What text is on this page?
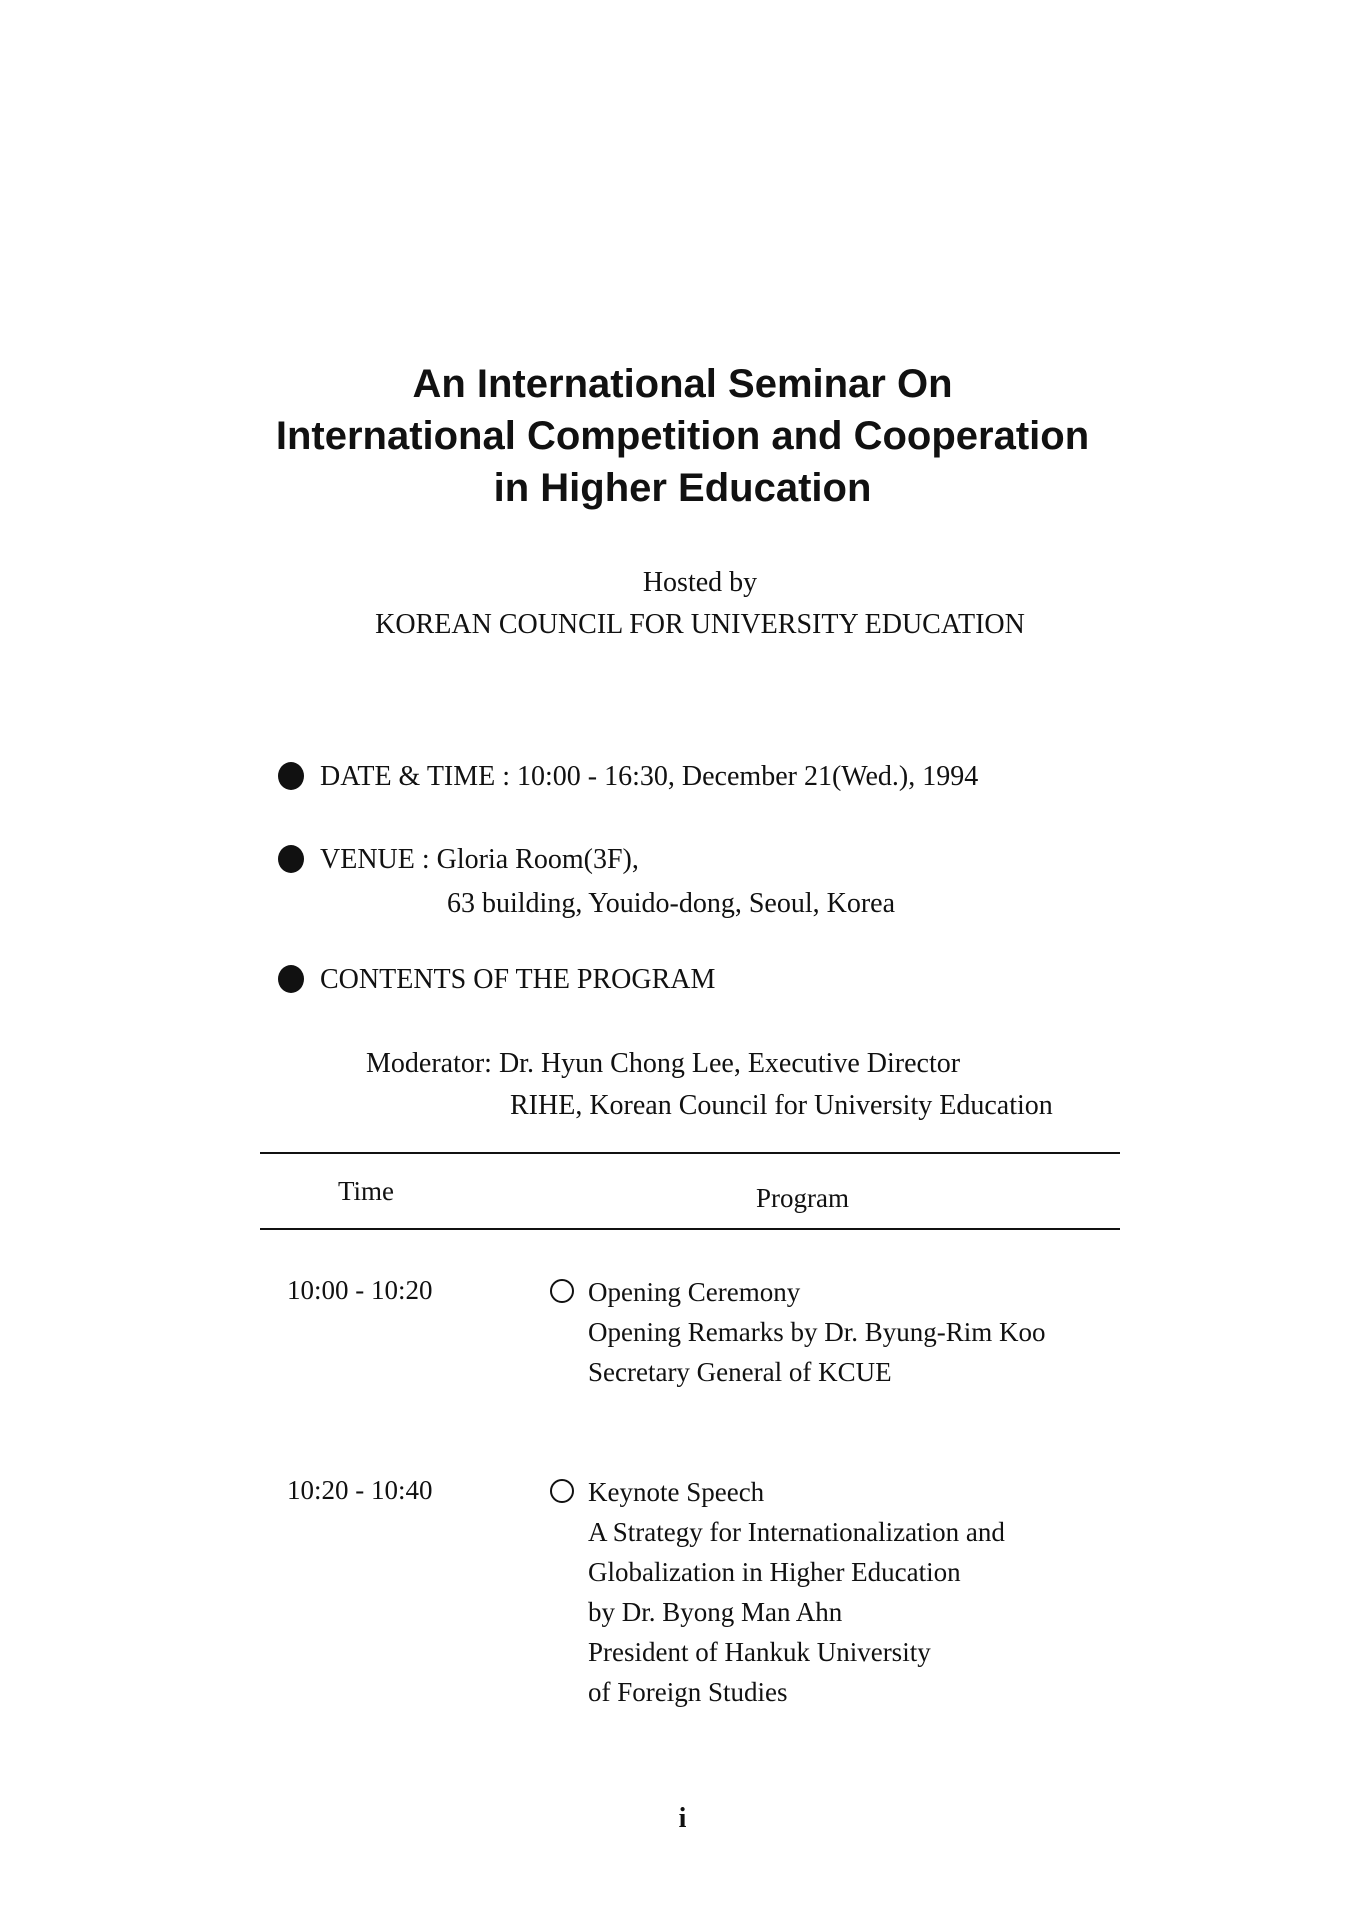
An International Seminar On
International Competition and Cooperation
in Higher Education
Hosted by
KOREAN COUNCIL FOR UNIVERSITY EDUCATION
DATE & TIME : 10:00 - 16:30, December 21(Wed.), 1994
VENUE : Gloria Room(3F),
63 building, Youido-dong, Seoul, Korea
CONTENTS OF THE PROGRAM
Moderator: Dr. Hyun Chong Lee, Executive Director
RIHE, Korean Council for University Education
Time	Program
10:00 - 10:20	Opening Ceremony
Opening Remarks by Dr. Byung-Rim Koo
Secretary General of KCUE
10:20 - 10:40	Keynote Speech
A Strategy for Internationalization and
Globalization in Higher Education
by Dr. Byong Man Ahn
President of Hankuk University
of Foreign Studies
i
